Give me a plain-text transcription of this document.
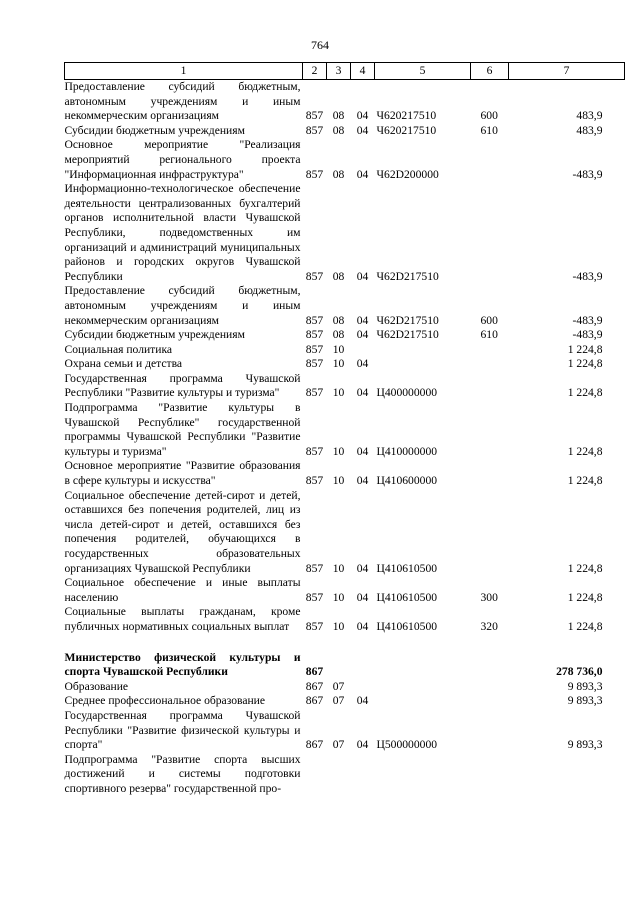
764
1	2	3	4	5	6	7
Предоставление субсидий бюджетным, автономным учреждениям и иным некоммерческим организациям	857	08	04	Ч620217510	600	483,9
Субсидии бюджетным учреждениям	857	08	04	Ч620217510	610	483,9
Основное мероприятие "Реализация мероприятий регионального проекта "Информационная инфраструктура"	857	08	04	Ч62D200000		-483,9
Информационно-технологическое обеспечение деятельности централизованных бухгалтерий органов исполнительной власти Чувашской Республики, подведомственных им организаций и администраций муниципальных районов и городских округов Чувашской Республики	857	08	04	Ч62D217510		-483,9
Предоставление субсидий бюджетным, автономным учреждениям и иным некоммерческим организациям	857	08	04	Ч62D217510	600	-483,9
Субсидии бюджетным учреждениям	857	08	04	Ч62D217510	610	-483,9
Социальная политика	857	10				1 224,8
Охрана семьи и детства	857	10	04			1 224,8
Государственная программа Чувашской Республики "Развитие культуры и туризма"	857	10	04	Ц400000000		1 224,8
Подпрограмма "Развитие культуры в Чувашской Республике" государственной программы Чувашской Республики "Развитие культуры и туризма"	857	10	04	Ц410000000		1 224,8
Основное мероприятие "Развитие образования в сфере культуры и искусства"	857	10	04	Ц410600000		1 224,8
Социальное обеспечение детей-сирот и детей, оставшихся без попечения родителей, лиц из числа детей-сирот и детей, оставшихся без попечения родителей, обучающихся в государственных образовательных организациях Чувашской Республики	857	10	04	Ц410610500		1 224,8
Социальное обеспечение и иные выплаты населению	857	10	04	Ц410610500	300	1 224,8
Социальные выплаты гражданам, кроме публичных нормативных социальных выплат	857	10	04	Ц410610500	320	1 224,8

Министерство физической культуры и спорта Чувашской Республики	867					278 736,0
Образование	867	07				9 893,3
Среднее профессиональное образование	867	07	04			9 893,3
Государственная программа Чувашской Республики "Развитие физической культуры и спорта"	867	07	04	Ц500000000		9 893,3
Подпрограмма "Развитие спорта высших достижений и системы подготовки спортивного резерва" государственной про-						
